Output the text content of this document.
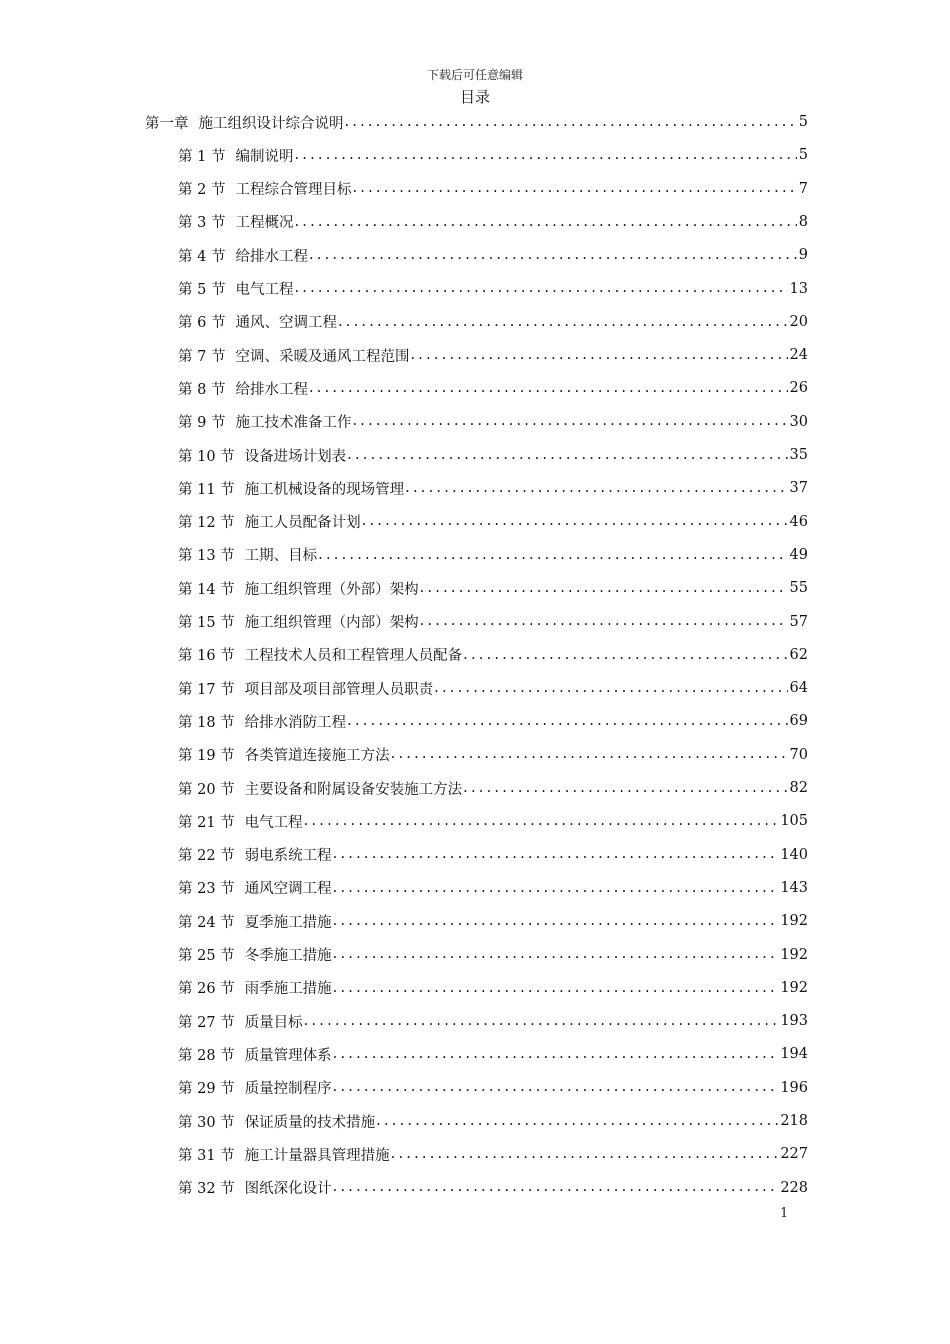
下载后可任意编辑
目录
第一章 施工组织设计综合说明 .....	5
第 1 节 编制说明 .....	5
第 2 节 工程综合管理目标 .....	7
第 3 节 工程概况 .....	8
第 4 节 给排水工程 .....	9
第 5 节 电气工程 .....	13
第 6 节 通风、空调工程 .....	20
第 7 节 空调、采暖及通风工程范围 .....	24
第 8 节 给排水工程 .....	26
第 9 节 施工技术准备工作 .....	30
第 10 节 设备进场计划表 .....	35
第 11 节 施工机械设备的现场管理 .....	37
第 12 节 施工人员配备计划 .....	46
第 13 节 工期、目标 .....	49
第 14 节 施工组织管理（外部）架构 .....	55
第 15 节 施工组织管理（内部）架构 .....	57
第 16 节 工程技术人员和工程管理人员配备 .....	62
第 17 节 项目部及项目部管理人员职责 .....	64
第 18 节 给排水消防工程 .....	69
第 19 节 各类管道连接施工方法 .....	70
第 20 节 主要设备和附属设备安装施工方法 .....	82
第 21 节 电气工程 .....	105
第 22 节 弱电系统工程 .....	140
第 23 节 通风空调工程 .....	143
第 24 节 夏季施工措施 .....	192
第 25 节 冬季施工措施 .....	192
第 26 节 雨季施工措施 .....	192
第 27 节 质量目标 .....	193
第 28 节 质量管理体系 .....	194
第 29 节 质量控制程序 .....	196
第 30 节 保证质量的技术措施 .....	218
第 31 节 施工计量器具管理措施 .....	227
第 32 节 图纸深化设计 .....	228
1
